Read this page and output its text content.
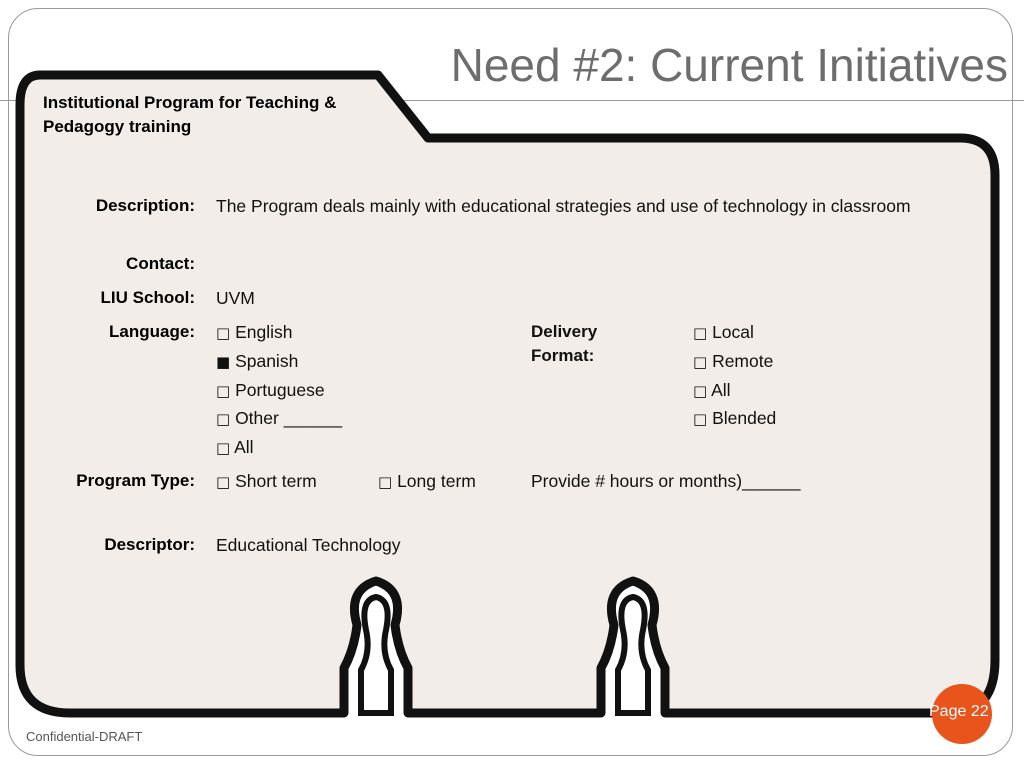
Need #2: Current Initiatives
Institutional Program for Teaching & Pedagogy training
Description: The Program deals mainly with educational strategies and use of technology in classroom
Contact:
LIU School: UVM
Language: □ English
■ Spanish
□ Portuguese
□ Other ______
□ All
Delivery Format:
□ Local
□ Remote
□ All
□ Blended
Program Type: □ Short term	□ Long term	Provide # hours or months)______
Descriptor: Educational Technology
Page 22
Confidential-DRAFT
